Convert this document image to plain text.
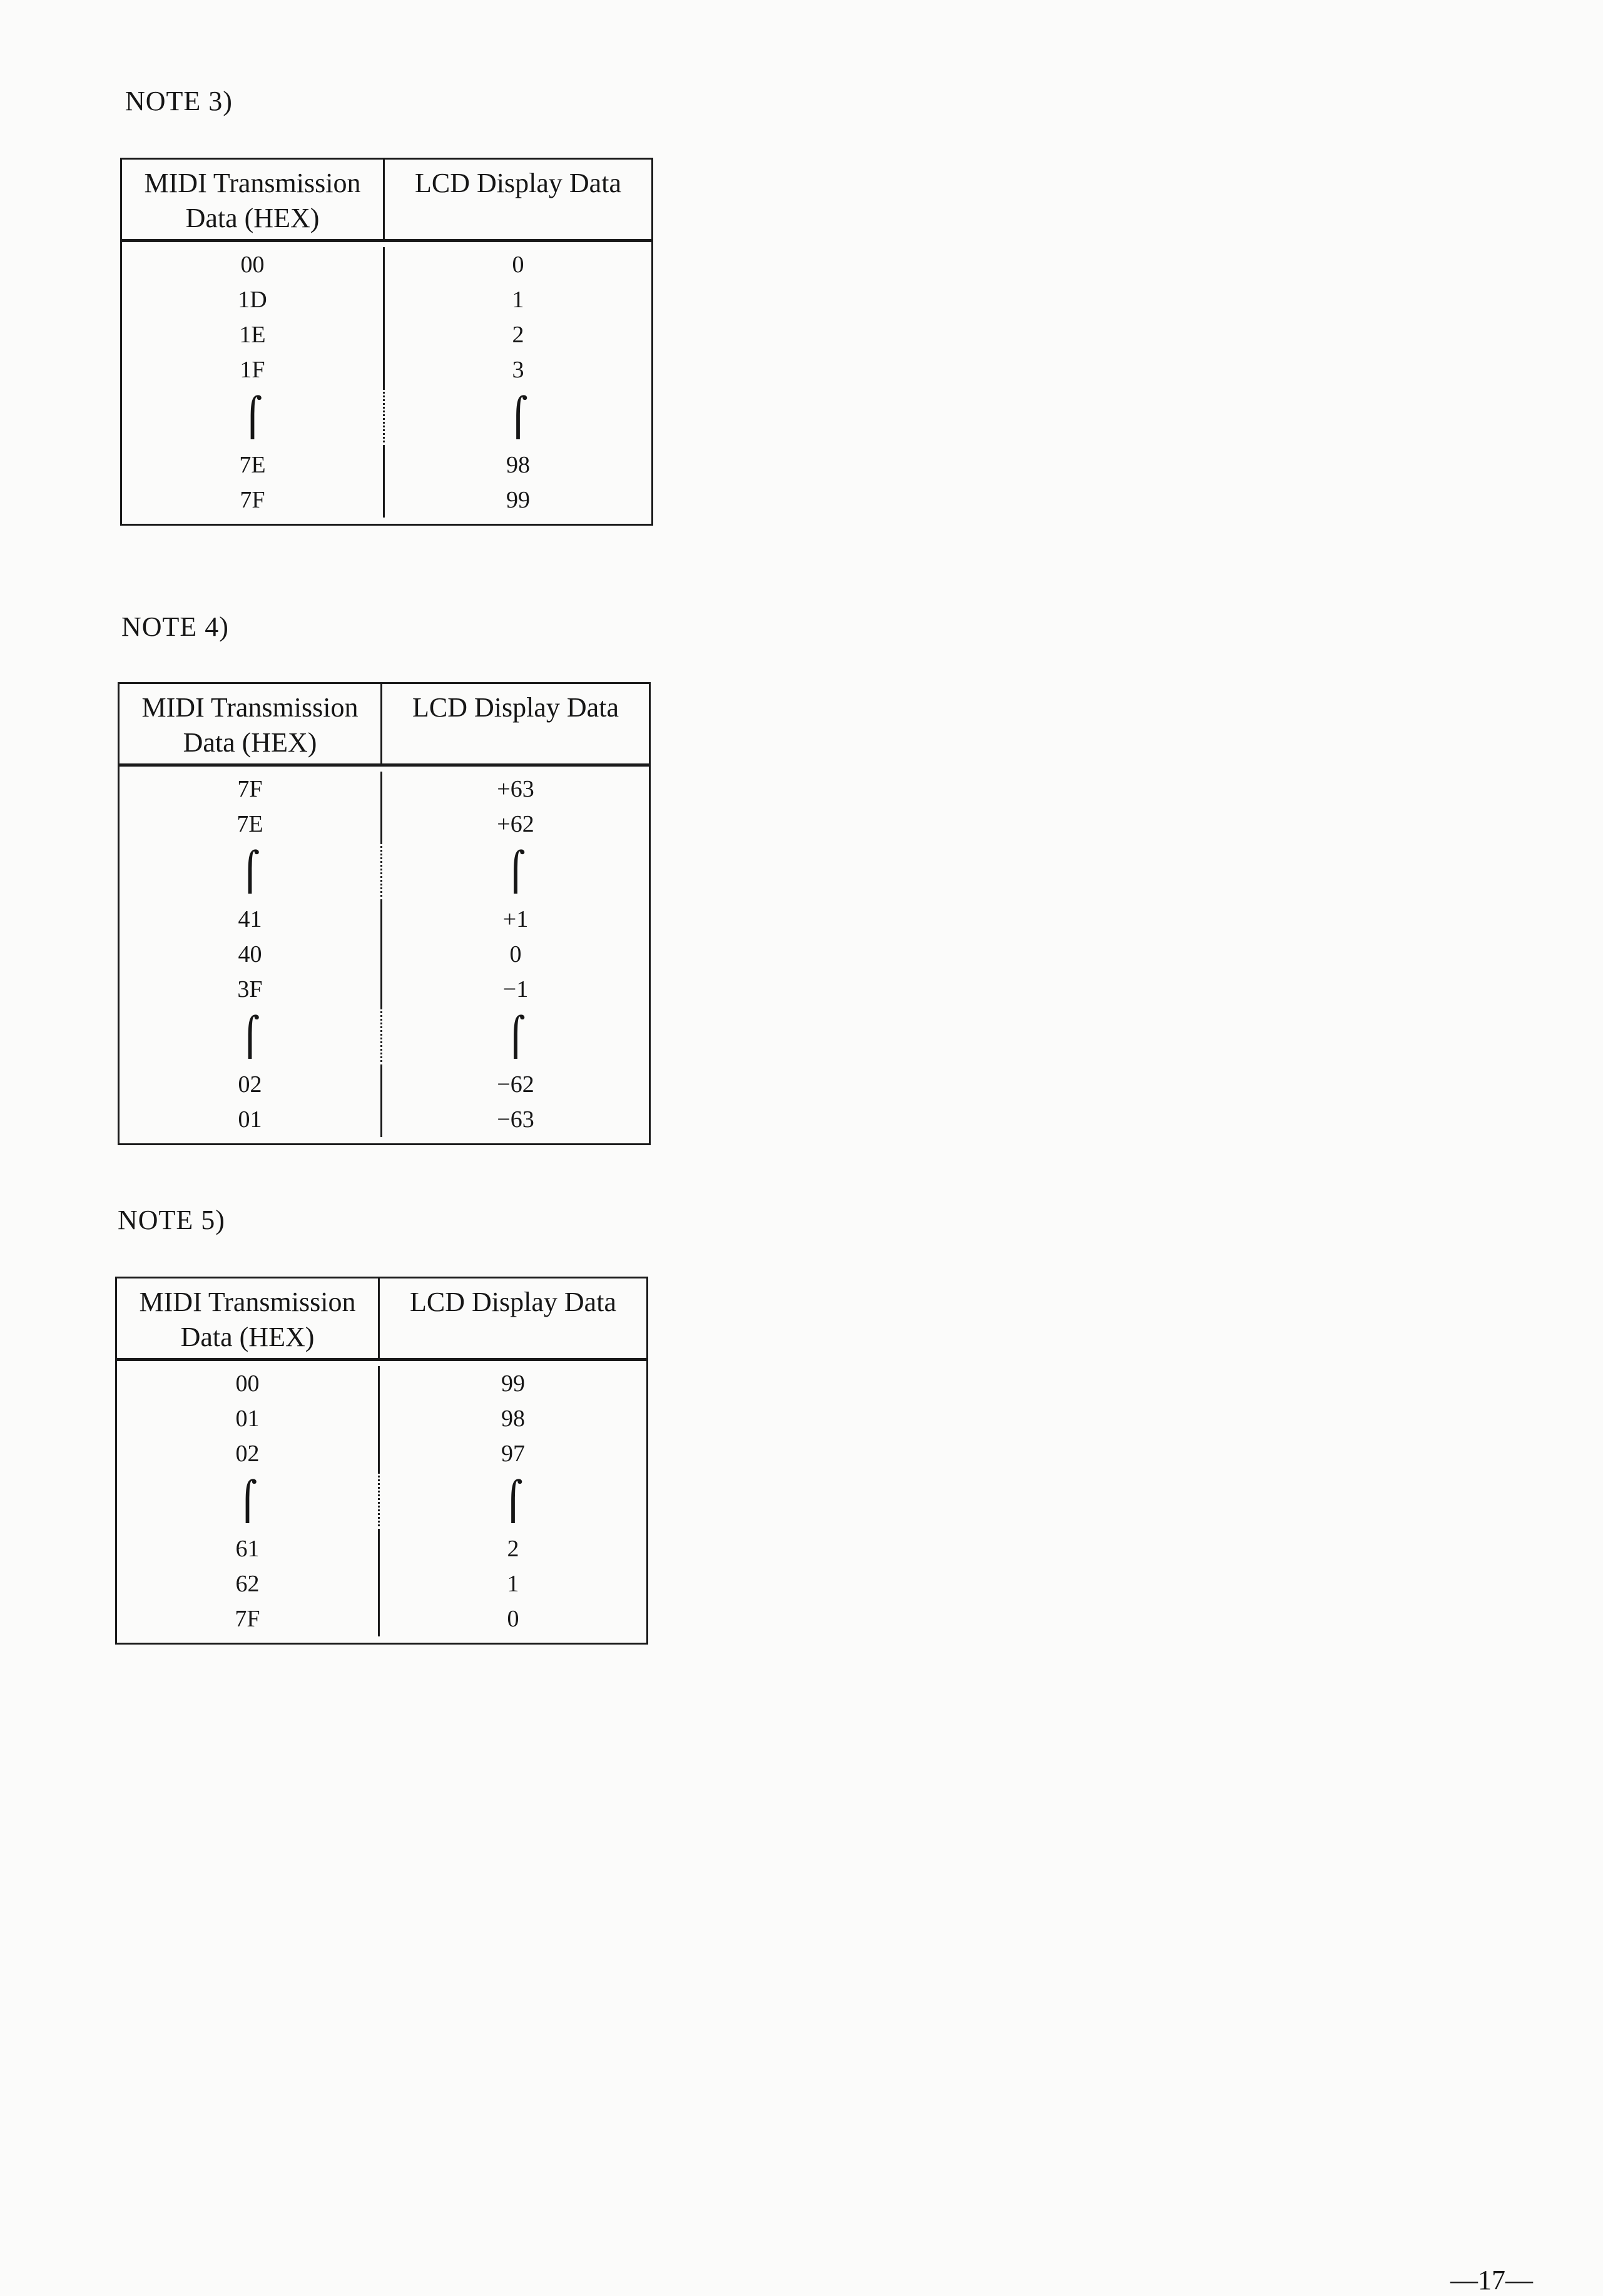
NOTE 3)
MIDI Transmission Data (HEX)
LCD Display Data
00	0
1D	1
1E	2
1F	3
⌠	⌠
7E	98
7F	99
NOTE 4)
MIDI Transmission Data (HEX)
LCD Display Data
7F	+63
7E	+62
⌠	⌠
41	+1
40	0
3F	−1
⌠	⌠
02	−62
01	−63
NOTE 5)
MIDI Transmission Data (HEX)
LCD Display Data
00	99
01	98
02	97
⌠	⌠
61	2
62	1
7F	0

—17—
